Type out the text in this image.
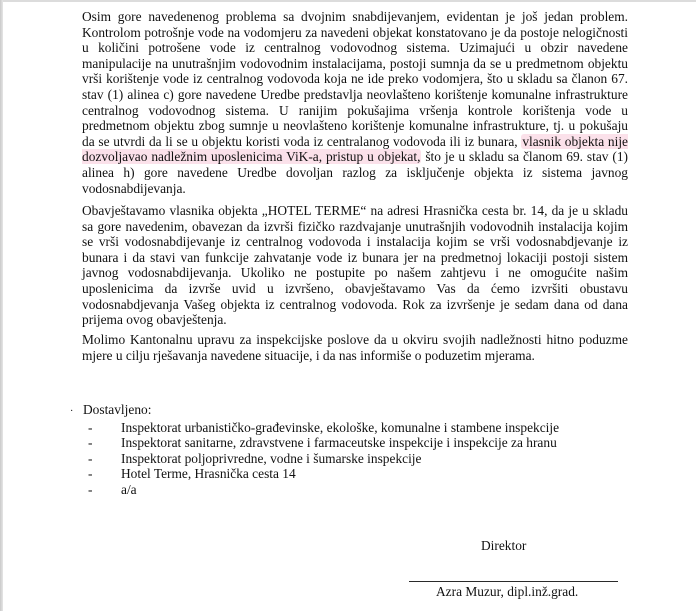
Osim gore navedenenog problema sa dvojnim snabdijevanjem, evidentan je još jedan problem. Kontrolom potrošnje vode na vodomjeru za navedeni objekat konstatovano je da postoje nelogičnosti u količini potrošene vode iz centralnog vodovodnog sistema. Uzimajući u obzir navedene manipulacije na unutrašnjim vodovodnim instalacijama, postoji sumnja da se u predmetnom objektu vrši korištenje vode iz centralnog vodovoda koja ne ide preko vodomjera, što u skladu sa članon 67. stav (1) alinea c) gore navedene Uredbe predstavlja neovlašteno korištenje komunalne infrastrukture centralnog vodovodnog sistema. U ranijim pokušajima vršenja kontrole korištenja vode u predmetnom objektu zbog sumnje u neovlašteno korištenje komunalne infrastrukture, tj. u pokušaju da se utvrdi da li se u objektu koristi voda iz centralanog vodovoda ili iz bunara, vlasnik objekta nije dozvoljavao nadležnim uposlenicima ViK-a, pristup u objekat, što je u skladu sa članom 69. stav (1) alinea h) gore navedene Uredbe dovoljan razlog za isključenje objekta iz sistema javnog vodosnabdijevanja.

Obavještavamo vlasnika objekta „HOTEL TERME“ na adresi Hrasnička cesta br. 14, da je u skladu sa gore navedenim, obavezan da izvrši fizičko razdvajanje unutrašnjih vodovodnih instalacija kojim se vrši vodosnabdijevanje iz centralnog vodovoda i instalacija kojim se vrši vodosnabdjevanje iz bunara i da stavi van funkcije zahvatanje vode iz bunara jer na predmetnoj lokaciji postoji sistem javnog vodosnabdijevanja. Ukoliko ne postupite po našem zahtjevu i ne omogućite našim uposlenicima da izvrše uvid u izvršeno, obavještavamo Vas da ćemo izvršiti obustavu vodosnabdjevanja Vašeg objekta iz centralnog vodovoda. Rok za izvršenje je sedam dana od dana prijema ovog obavještenja.

Molimo Kantonalnu upravu za inspekcijske poslove da u okviru svojih nadležnosti hitno poduzme mjere u cilju rješavanja navedene situacije, i da nas informiše o poduzetim mjerama.

· Dostavljeno:
-	Inspektorat urbanističko-građevinske, ekološke, komunalne i stambene inspekcije
-	Inspektorat sanitarne, zdravstvene i farmaceutske inspekcije i inspekcije za hranu
-	Inspektorat poljoprivredne, vodne i šumarske inspekcije
-	Hotel Terme, Hrasnička cesta 14
-	a/a
Direktor
Azra Muzur, dipl.inž.grad.
